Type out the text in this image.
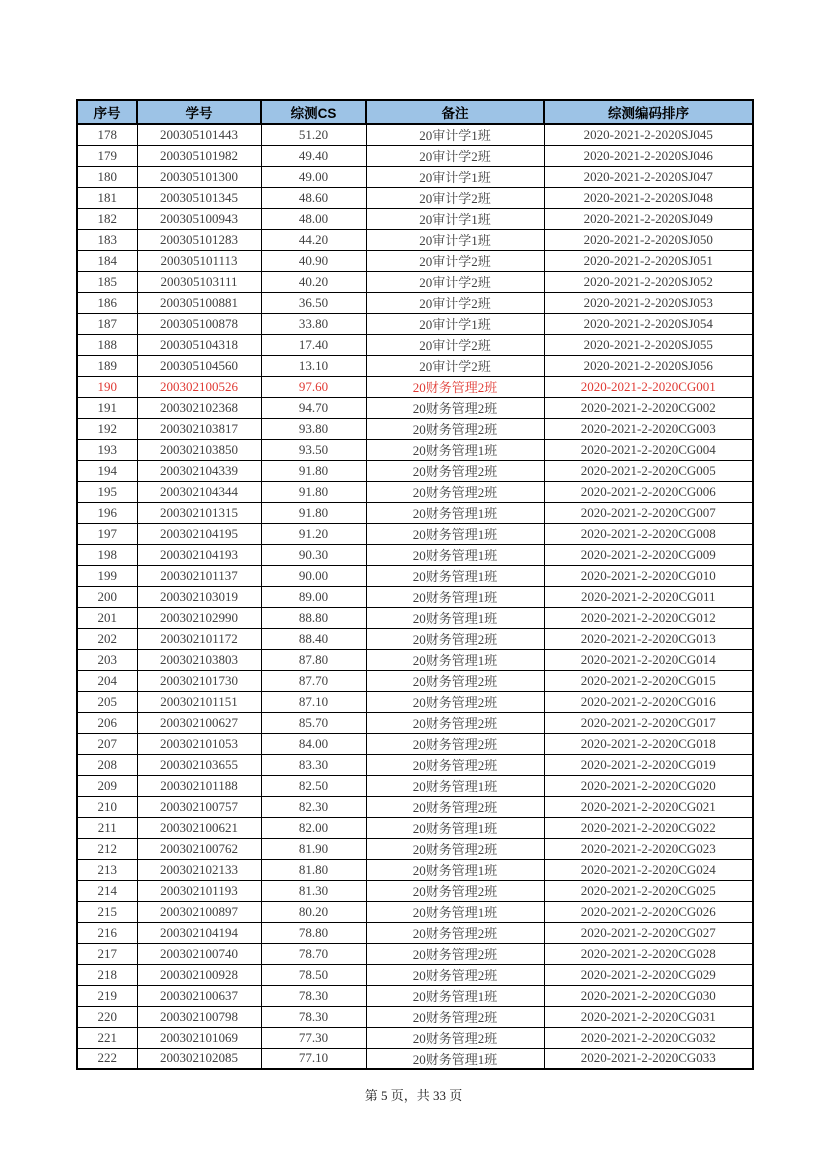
序号	学号	综测CS	备注	综测编码排序
178	200305101443	51.20	20审计学1班	2020-2021-2-2020SJ045
179	200305101982	49.40	20审计学2班	2020-2021-2-2020SJ046
180	200305101300	49.00	20审计学1班	2020-2021-2-2020SJ047
181	200305101345	48.60	20审计学2班	2020-2021-2-2020SJ048
182	200305100943	48.00	20审计学1班	2020-2021-2-2020SJ049
183	200305101283	44.20	20审计学1班	2020-2021-2-2020SJ050
184	200305101113	40.90	20审计学2班	2020-2021-2-2020SJ051
185	200305103111	40.20	20审计学2班	2020-2021-2-2020SJ052
186	200305100881	36.50	20审计学2班	2020-2021-2-2020SJ053
187	200305100878	33.80	20审计学1班	2020-2021-2-2020SJ054
188	200305104318	17.40	20审计学2班	2020-2021-2-2020SJ055
189	200305104560	13.10	20审计学2班	2020-2021-2-2020SJ056
190	200302100526	97.60	20财务管理2班	2020-2021-2-2020CG001
191	200302102368	94.70	20财务管理2班	2020-2021-2-2020CG002
192	200302103817	93.80	20财务管理2班	2020-2021-2-2020CG003
193	200302103850	93.50	20财务管理1班	2020-2021-2-2020CG004
194	200302104339	91.80	20财务管理2班	2020-2021-2-2020CG005
195	200302104344	91.80	20财务管理2班	2020-2021-2-2020CG006
196	200302101315	91.80	20财务管理1班	2020-2021-2-2020CG007
197	200302104195	91.20	20财务管理1班	2020-2021-2-2020CG008
198	200302104193	90.30	20财务管理1班	2020-2021-2-2020CG009
199	200302101137	90.00	20财务管理1班	2020-2021-2-2020CG010
200	200302103019	89.00	20财务管理1班	2020-2021-2-2020CG011
201	200302102990	88.80	20财务管理1班	2020-2021-2-2020CG012
202	200302101172	88.40	20财务管理2班	2020-2021-2-2020CG013
203	200302103803	87.80	20财务管理1班	2020-2021-2-2020CG014
204	200302101730	87.70	20财务管理2班	2020-2021-2-2020CG015
205	200302101151	87.10	20财务管理2班	2020-2021-2-2020CG016
206	200302100627	85.70	20财务管理2班	2020-2021-2-2020CG017
207	200302101053	84.00	20财务管理2班	2020-2021-2-2020CG018
208	200302103655	83.30	20财务管理2班	2020-2021-2-2020CG019
209	200302101188	82.50	20财务管理1班	2020-2021-2-2020CG020
210	200302100757	82.30	20财务管理2班	2020-2021-2-2020CG021
211	200302100621	82.00	20财务管理1班	2020-2021-2-2020CG022
212	200302100762	81.90	20财务管理2班	2020-2021-2-2020CG023
213	200302102133	81.80	20财务管理1班	2020-2021-2-2020CG024
214	200302101193	81.30	20财务管理2班	2020-2021-2-2020CG025
215	200302100897	80.20	20财务管理1班	2020-2021-2-2020CG026
216	200302104194	78.80	20财务管理2班	2020-2021-2-2020CG027
217	200302100740	78.70	20财务管理2班	2020-2021-2-2020CG028
218	200302100928	78.50	20财务管理2班	2020-2021-2-2020CG029
219	200302100637	78.30	20财务管理1班	2020-2021-2-2020CG030
220	200302100798	78.30	20财务管理2班	2020-2021-2-2020CG031
221	200302101069	77.30	20财务管理2班	2020-2021-2-2020CG032
222	200302102085	77.10	20财务管理1班	2020-2021-2-2020CG033
第 5 页，共 33 页
